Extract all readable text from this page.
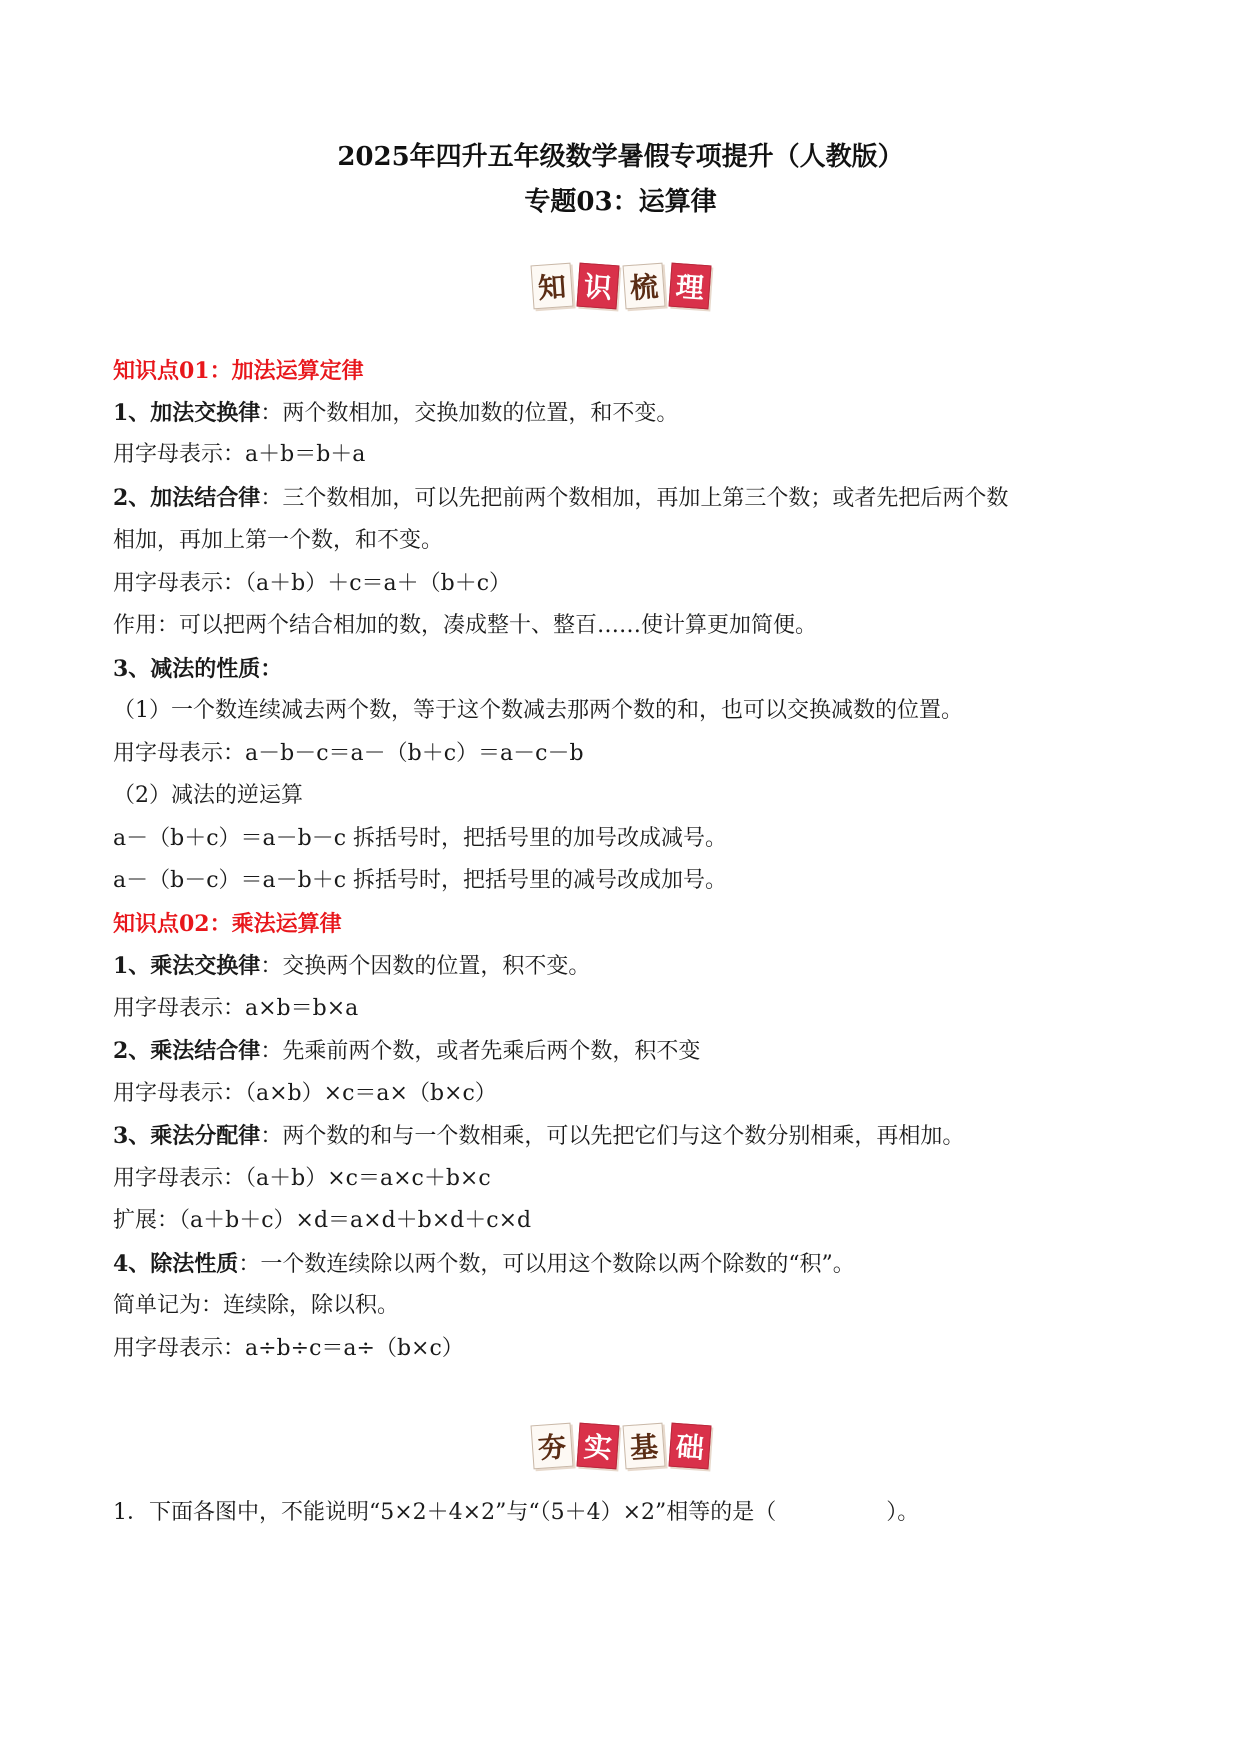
2025年四升五年级数学暑假专项提升（人教版）
专题03：运算律
知 识 梳 理
知识点01：加法运算定律
1、加法交换律：两个数相加，交换加数的位置，和不变。
用字母表示：a＋b＝b＋a
2、加法结合律：三个数相加，可以先把前两个数相加，再加上第三个数；或者先把后两个数
相加，再加上第一个数，和不变。
用字母表示：（a＋b）＋c＝a＋（b＋c）
作用：可以把两个结合相加的数，凑成整十、整百……使计算更加简便。
3、减法的性质：
（1）一个数连续减去两个数，等于这个数减去那两个数的和，也可以交换减数的位置。
用字母表示：a－b－c＝a－（b＋c）＝a－c－b
（2）减法的逆运算
a－（b＋c）＝a－b－c 拆括号时，把括号里的加号改成减号。
a－（b－c）＝a－b＋c 拆括号时，把括号里的减号改成加号。
知识点02：乘法运算律
1、乘法交换律：交换两个因数的位置，积不变。
用字母表示：a×b＝b×a
2、乘法结合律：先乘前两个数，或者先乘后两个数，积不变
用字母表示：（a×b）×c＝a×（b×c）
3、乘法分配律：两个数的和与一个数相乘，可以先把它们与这个数分别相乘，再相加。
用字母表示：（a＋b）×c＝a×c＋b×c
扩展：（a＋b＋c）×d＝a×d＋b×d＋c×d
4、除法性质：一个数连续除以两个数，可以用这个数除以两个除数的“积”。
简单记为：连续除，除以积。
用字母表示：a÷b÷c＝a÷（b×c）
夯 实 基 础
1．下面各图中，不能说明“5×2＋4×2”与“（5＋4）×2”相等的是（　　　　　）。
